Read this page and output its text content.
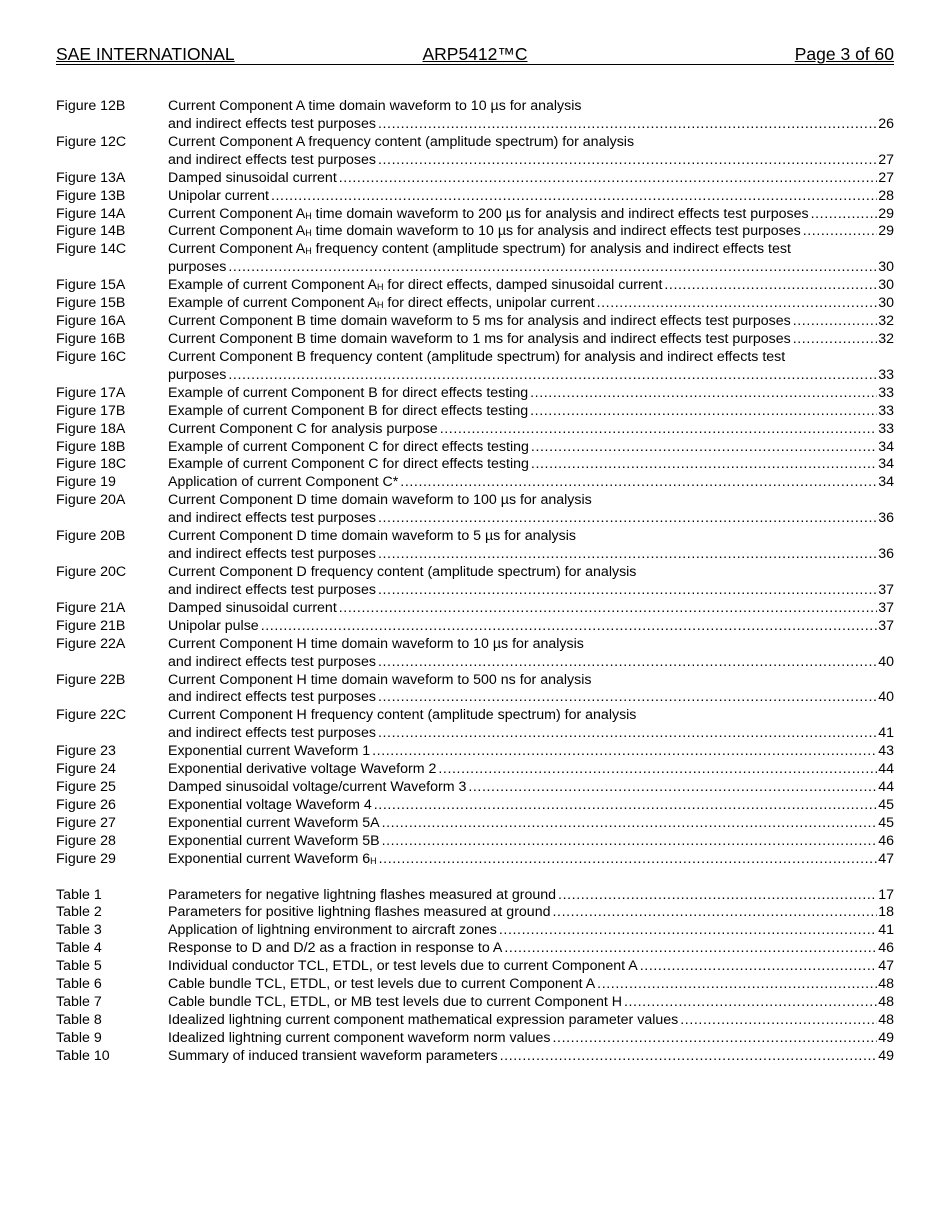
SAE INTERNATIONAL	ARP5412™C	Page 3 of 60
Figure 12B	Current Component A time domain waveform to 10 µs for analysis
and indirect effects test purposes .....	26
Figure 12C	Current Component A frequency content (amplitude spectrum) for analysis
and indirect effects test purposes .....	27
Figure 13A	Damped sinusoidal current .....	27
Figure 13B	Unipolar current .....	28
Figure 14A	Current Component $A_H$ time domain waveform to 200 µs for analysis and indirect effects test purposes .....	29
Figure 14B	Current Component $A_H$ time domain waveform to 10 µs for analysis and indirect effects test purposes .....	29
Figure 14C	Current Component $A_H$ frequency content (amplitude spectrum) for analysis and indirect effects test
purposes .....	30
Figure 15A	Example of current Component $A_H$ for direct effects, damped sinusoidal current .....	30
Figure 15B	Example of current Component $A_H$ for direct effects, unipolar current .....	30
Figure 16A	Current Component B time domain waveform to 5 ms for analysis and indirect effects test purposes .....	32
Figure 16B	Current Component B time domain waveform to 1 ms for analysis and indirect effects test purposes .....	32
Figure 16C	Current Component B frequency content (amplitude spectrum) for analysis and indirect effects test
purposes .....	33
Figure 17A	Example of current Component B for direct effects testing .....	33
Figure 17B	Example of current Component B for direct effects testing .....	33
Figure 18A	Current Component C for analysis purpose .....	33
Figure 18B	Example of current Component C for direct effects testing .....	34
Figure 18C	Example of current Component C for direct effects testing .....	34
Figure 19	Application of current Component C* .....	34
Figure 20A	Current Component D time domain waveform to 100 µs for analysis
and indirect effects test purposes .....	36
Figure 20B	Current Component D time domain waveform to 5 µs for analysis
and indirect effects test purposes .....	36
Figure 20C	Current Component D frequency content (amplitude spectrum) for analysis
and indirect effects test purposes .....	37
Figure 21A	Damped sinusoidal current .....	37
Figure 21B	Unipolar pulse .....	37
Figure 22A	Current Component H time domain waveform to 10 µs for analysis
and indirect effects test purposes .....	40
Figure 22B	Current Component H time domain waveform to 500 ns for analysis
and indirect effects test purposes .....	40
Figure 22C	Current Component H frequency content (amplitude spectrum) for analysis
and indirect effects test purposes .....	41
Figure 23	Exponential current Waveform 1 .....	43
Figure 24	Exponential derivative voltage Waveform 2 .....	44
Figure 25	Damped sinusoidal voltage/current Waveform 3 .....	44
Figure 26	Exponential voltage Waveform 4 .....	45
Figure 27	Exponential current Waveform 5A .....	45
Figure 28	Exponential current Waveform 5B .....	46
Figure 29	Exponential current Waveform $6_H$ .....	47
Table 1	Parameters for negative lightning flashes measured at ground .....	17
Table 2	Parameters for positive lightning flashes measured at ground .....	18
Table 3	Application of lightning environment to aircraft zones .....	41
Table 4	Response to D and D/2 as a fraction in response to A .....	46
Table 5	Individual conductor TCL, ETDL, or test levels due to current Component A .....	47
Table 6	Cable bundle TCL, ETDL, or test levels due to current Component A .....	48
Table 7	Cable bundle TCL, ETDL, or MB test levels due to current Component H .....	48
Table 8	Idealized lightning current component mathematical expression parameter values .....	48
Table 9	Idealized lightning current component waveform norm values .....	49
Table 10	Summary of induced transient waveform parameters .....	49
